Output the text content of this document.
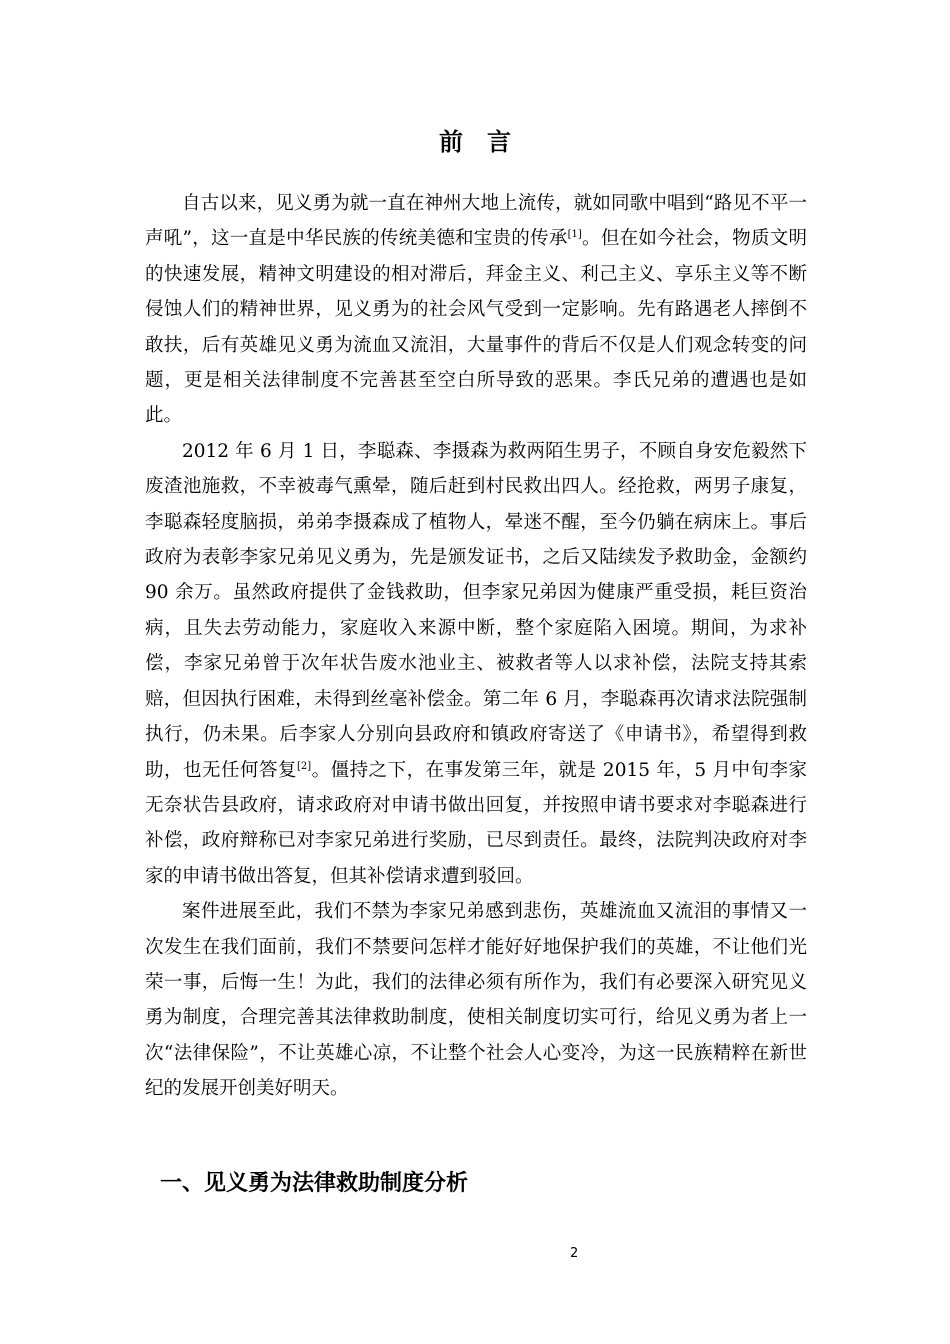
前言

自古以来，见义勇为就一直在神州大地上流传，就如同歌中唱到“路见不平一声吼”，这一直是中华民族的传统美德和宝贵的传承[1]。但在如今社会，物质文明的快速发展，精神文明建设的相对滞后，拜金主义、利己主义、享乐主义等不断侵蚀人们的精神世界，见义勇为的社会风气受到一定影响。先有路遇老人摔倒不敢扶，后有英雄见义勇为流血又流泪，大量事件的背后不仅是人们观念转变的问题，更是相关法律制度不完善甚至空白所导致的恶果。李氏兄弟的遭遇也是如此。

2012 年 6 月 1 日，李聪森、李摄森为救两陌生男子，不顾自身安危毅然下废渣池施救，不幸被毒气熏晕，随后赶到村民救出四人。经抢救，两男子康复，李聪森轻度脑损，弟弟李摄森成了植物人，晕迷不醒，至今仍躺在病床上。事后政府为表彰李家兄弟见义勇为，先是颁发证书，之后又陆续发予救助金，金额约 90 余万。虽然政府提供了金钱救助，但李家兄弟因为健康严重受损，耗巨资治病，且失去劳动能力，家庭收入来源中断，整个家庭陷入困境。期间，为求补偿，李家兄弟曾于次年状告废水池业主、被救者等人以求补偿，法院支持其索赔，但因执行困难，未得到丝毫补偿金。第二年 6 月，李聪森再次请求法院强制执行，仍未果。后李家人分别向县政府和镇政府寄送了《申请书》，希望得到救助，也无任何答复[2]。僵持之下，在事发第三年，就是 2015 年，5 月中旬李家无奈状告县政府，请求政府对申请书做出回复，并按照申请书要求对李聪森进行补偿，政府辩称已对李家兄弟进行奖励，已尽到责任。最终，法院判决政府对李家的申请书做出答复，但其补偿请求遭到驳回。

案件进展至此，我们不禁为李家兄弟感到悲伤，英雄流血又流泪的事情又一次发生在我们面前，我们不禁要问怎样才能好好地保护我们的英雄，不让他们光荣一事，后悔一生！为此，我们的法律必须有所作为，我们有必要深入研究见义勇为制度，合理完善其法律救助制度，使相关制度切实可行，给见义勇为者上一次“法律保险”，不让英雄心凉，不让整个社会人心变冷，为这一民族精粹在新世纪的发展开创美好明天。

一、见义勇为法律救助制度分析
2
